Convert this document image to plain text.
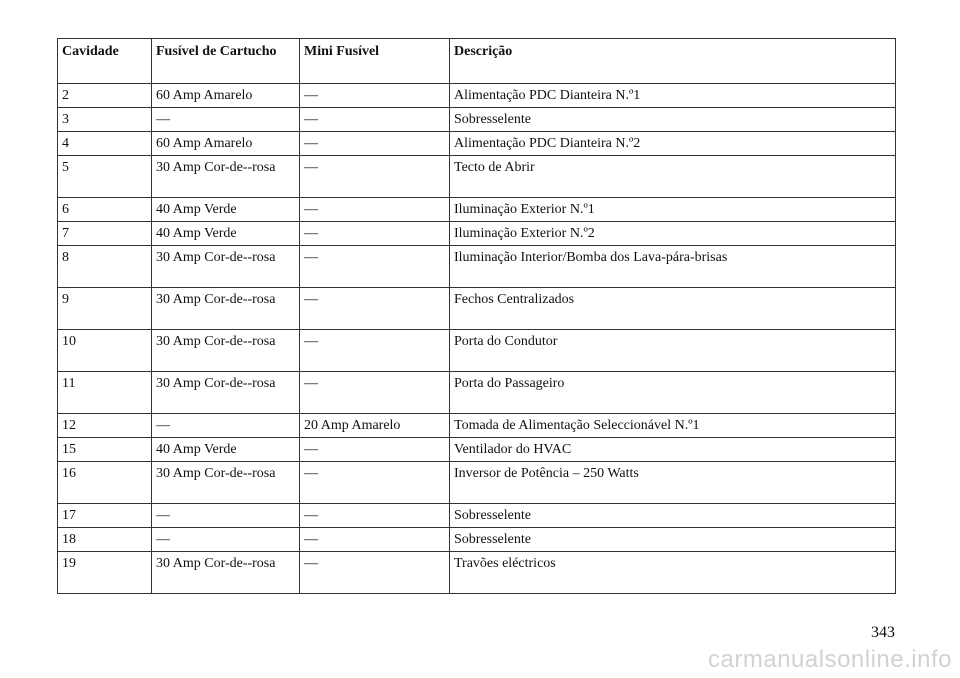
Cavidade	Fusível de Cartucho	Mini Fusível	Descrição
2	60 Amp Amarelo	—	Alimentação PDC Dianteira N.º1
3	—	—	Sobresselente
4	60 Amp Amarelo	—	Alimentação PDC Dianteira N.º2
5	30 Amp Cor-de--rosa	—	Tecto de Abrir
6	40 Amp Verde	—	Iluminação Exterior N.º1
7	40 Amp Verde	—	Iluminação Exterior N.º2
8	30 Amp Cor-de--rosa	—	Iluminação Interior/Bomba dos Lava-pára-brisas
9	30 Amp Cor-de--rosa	—	Fechos Centralizados
10	30 Amp Cor-de--rosa	—	Porta do Condutor
11	30 Amp Cor-de--rosa	—	Porta do Passageiro
12	—	20 Amp Amarelo	Tomada de Alimentação Seleccionável N.º1
15	40 Amp Verde	—	Ventilador do HVAC
16	30 Amp Cor-de--rosa	—	Inversor de Potência – 250 Watts
17	—	—	Sobresselente
18	—	—	Sobresselente
19	30 Amp Cor-de--rosa	—	Travões eléctricos
343
carmanualsonline.info
